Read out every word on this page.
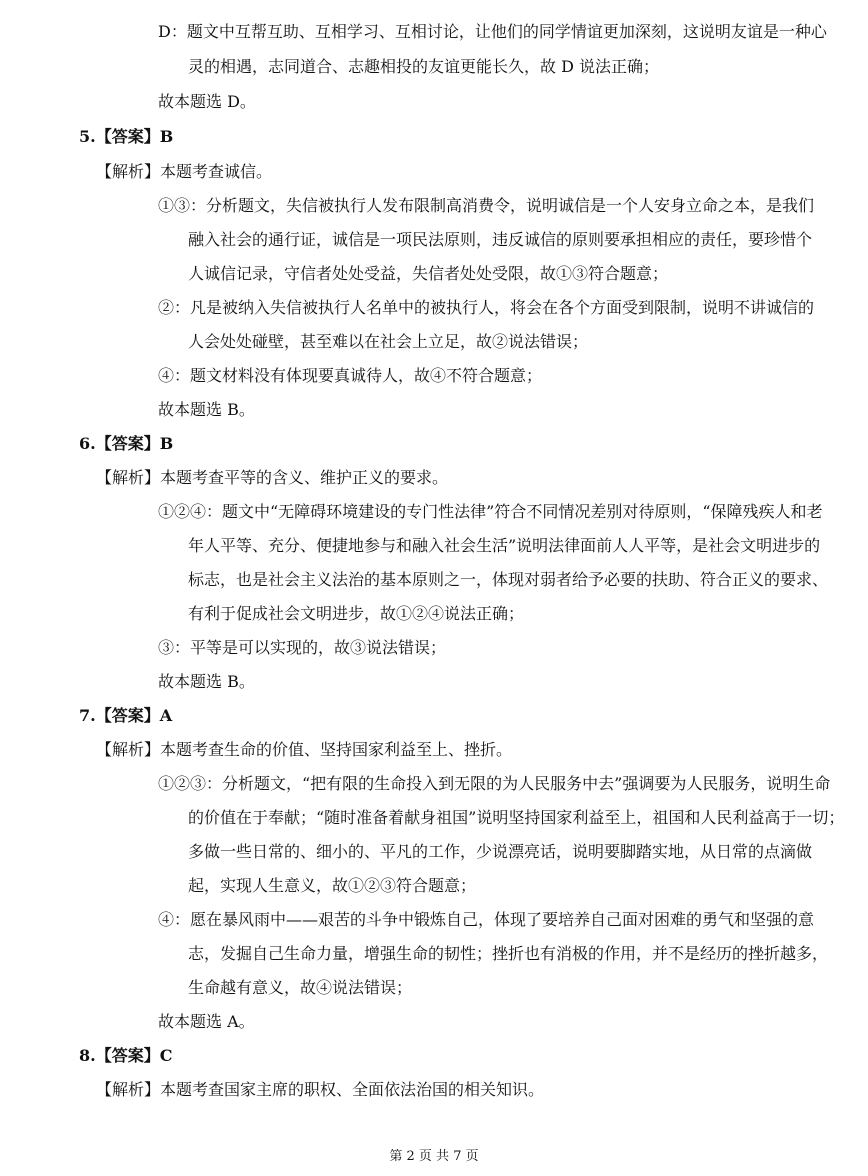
D：题文中互帮互助、互相学习、互相讨论，让他们的同学情谊更加深刻，这说明友谊是一种心
灵的相遇，志同道合、志趣相投的友谊更能长久，故 D 说法正确；
故本题选 D。
5.【答案】B
【解析】本题考查诚信。
①③：分析题文，失信被执行人发布限制高消费令，说明诚信是一个人安身立命之本，是我们
融入社会的通行证，诚信是一项民法原则，违反诚信的原则要承担相应的责任，要珍惜个
人诚信记录，守信者处处受益，失信者处处受限，故①③符合题意；
②：凡是被纳入失信被执行人名单中的被执行人，将会在各个方面受到限制，说明不讲诚信的
人会处处碰壁，甚至难以在社会上立足，故②说法错误；
④：题文材料没有体现要真诚待人，故④不符合题意；
故本题选 B。
6.【答案】B
【解析】本题考查平等的含义、维护正义的要求。
①②④：题文中“无障碍环境建设的专门性法律”符合不同情况差别对待原则，“保障残疾人和老
年人平等、充分、便捷地参与和融入社会生活”说明法律面前人人平等，是社会文明进步的
标志，也是社会主义法治的基本原则之一，体现对弱者给予必要的扶助、符合正义的要求、
有利于促成社会文明进步，故①②④说法正确；
③：平等是可以实现的，故③说法错误；
故本题选 B。
7.【答案】A
【解析】本题考查生命的价值、坚持国家利益至上、挫折。
①②③：分析题文，“把有限的生命投入到无限的为人民服务中去”强调要为人民服务，说明生命
的价值在于奉献；“随时准备着献身祖国”说明坚持国家利益至上，祖国和人民利益高于一切；
多做一些日常的、细小的、平凡的工作，少说漂亮话，说明要脚踏实地，从日常的点滴做
起，实现人生意义，故①②③符合题意；
④：愿在暴风雨中——艰苦的斗争中锻炼自己，体现了要培养自己面对困难的勇气和坚强的意
志，发掘自己生命力量，增强生命的韧性；挫折也有消极的作用，并不是经历的挫折越多，
生命越有意义，故④说法错误；
故本题选 A。
8.【答案】C
【解析】本题考查国家主席的职权、全面依法治国的相关知识。
第 2 页 共 7 页
